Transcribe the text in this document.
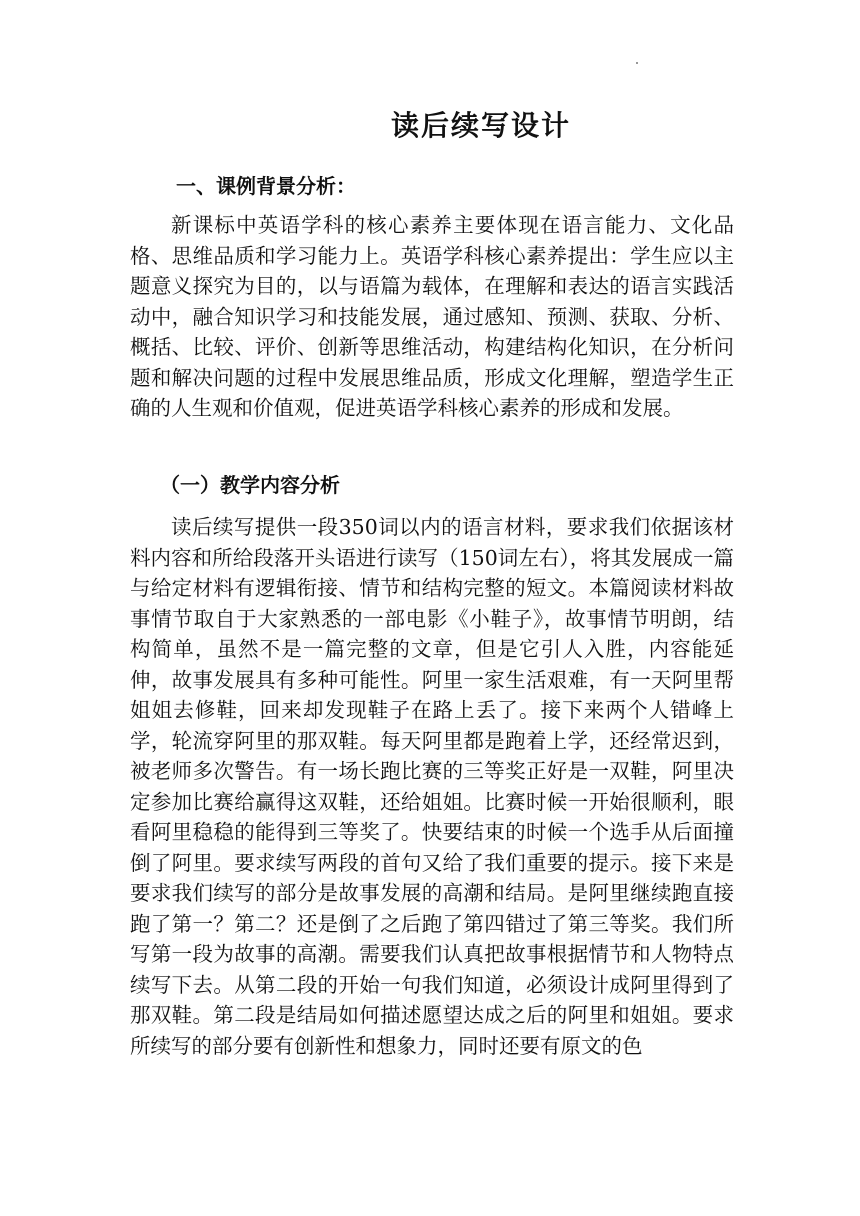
读后续写设计
一、课例背景分析：

新课标中英语学科的核心素养主要体现在语言能力、文化品格、思维品质和学习能力上。英语学科核心素养提出：学生应以主题意义探究为目的，以与语篇为载体，在理解和表达的语言实践活动中，融合知识学习和技能发展，通过感知、预测、获取、分析、概括、比较、评价、创新等思维活动，构建结构化知识，在分析问题和解决问题的过程中发展思维品质，形成文化理解，塑造学生正确的人生观和价值观，促进英语学科核心素养的形成和发展。

（一）教学内容分析

读后续写提供一段350词以内的语言材料，要求我们依据该材料内容和所给段落开头语进行读写（150词左右），将其发展成一篇与给定材料有逻辑衔接、情节和结构完整的短文。本篇阅读材料故事情节取自于大家熟悉的一部电影《小鞋子》，故事情节明朗，结构简单，虽然不是一篇完整的文章，但是它引人入胜，内容能延伸，故事发展具有多种可能性。阿里一家生活艰难，有一天阿里帮姐姐去修鞋，回来却发现鞋子在路上丢了。接下来两个人错峰上学，轮流穿阿里的那双鞋。每天阿里都是跑着上学，还经常迟到，被老师多次警告。有一场长跑比赛的三等奖正好是一双鞋，阿里决定参加比赛给赢得这双鞋，还给姐姐。比赛时候一开始很顺利，眼看阿里稳稳的能得到三等奖了。快要结束的时候一个选手从后面撞倒了阿里。要求续写两段的首句又给了我们重要的提示。接下来是要求我们续写的部分是故事发展的高潮和结局。是阿里继续跑直接跑了第一？第二？还是倒了之后跑了第四错过了第三等奖。我们所写第一段为故事的高潮。需要我们认真把故事根据情节和人物特点续写下去。从第二段的开始一句我们知道，必须设计成阿里得到了那双鞋。第二段是结局如何描述愿望达成之后的阿里和姐姐。要求所续写的部分要有创新性和想象力，同时还要有原文的色
